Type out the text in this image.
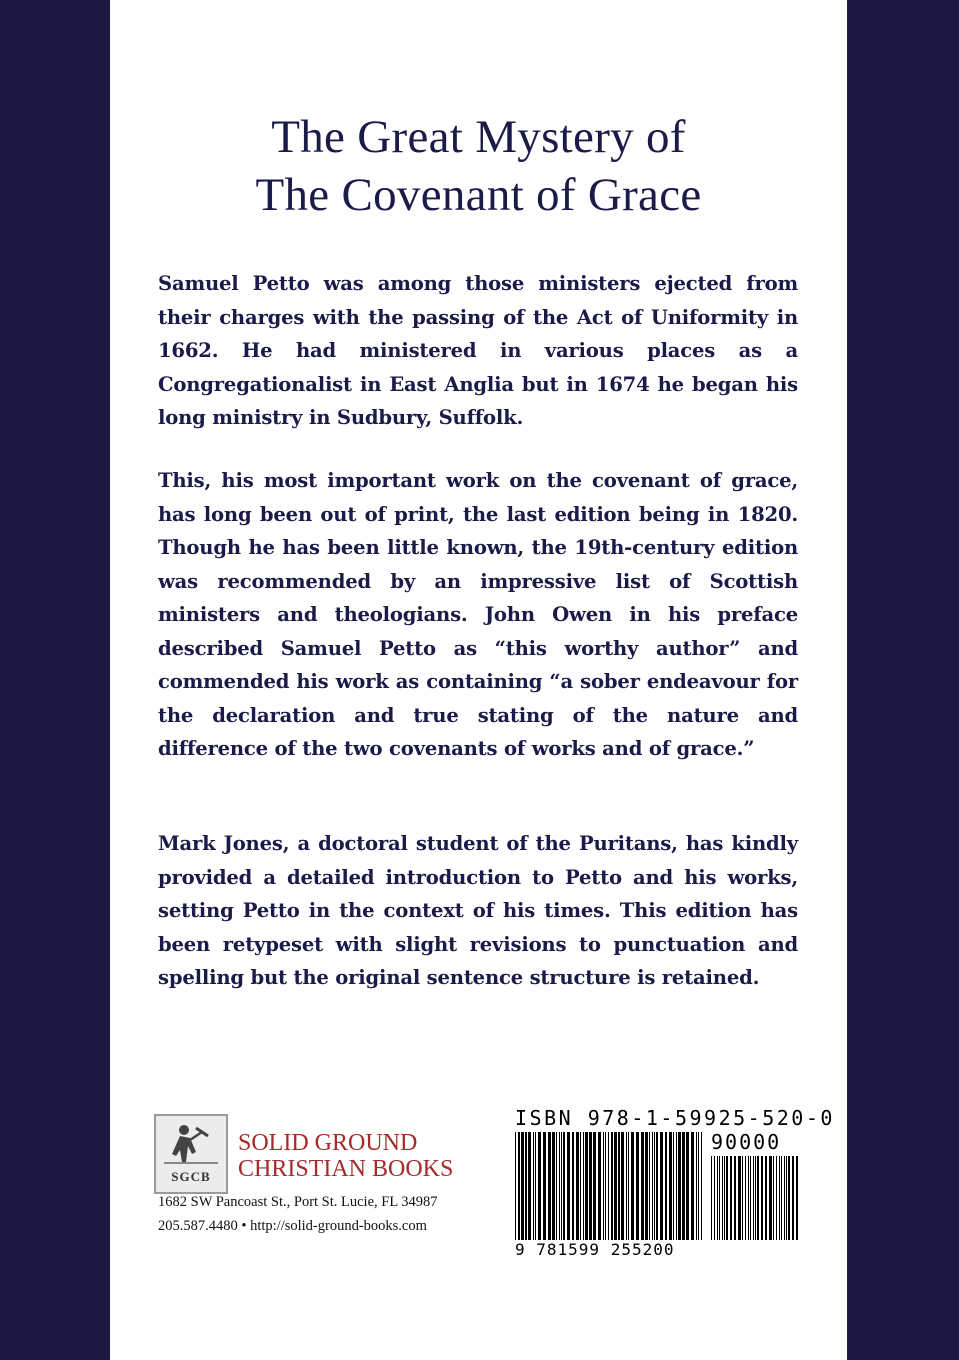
The Great Mystery of
The Covenant of Grace
Samuel Petto was among those ministers ejected from their charges with the passing of the Act of Uniformity in 1662. He had ministered in various places as a Congregationalist in East Anglia but in 1674 he began his long ministry in Sudbury, Suffolk.
This, his most important work on the covenant of grace, has long been out of print, the last edition being in 1820. Though he has been little known, the 19th-century edition was recommended by an impressive list of Scottish ministers and theologians. John Owen in his preface described Samuel Petto as “this worthy author” and commended his work as containing “a sober endeavour for the declaration and true stating of the nature and difference of the two covenants of works and of grace.”
Mark Jones, a doctoral student of the Puritans, has kindly provided a detailed introduction to Petto and his works, setting Petto in the context of his times. This edition has been retypeset with slight revisions to punctuation and spelling but the original sentence structure is retained.
SGCB
SOLID GROUND
CHRISTIAN BOOKS
1682 SW Pancoast St., Port St. Lucie, FL 34987
205.587.4480 • http://solid-ground-books.com
ISBN 978-1-59925-520-0
90000
9 781599 255200
